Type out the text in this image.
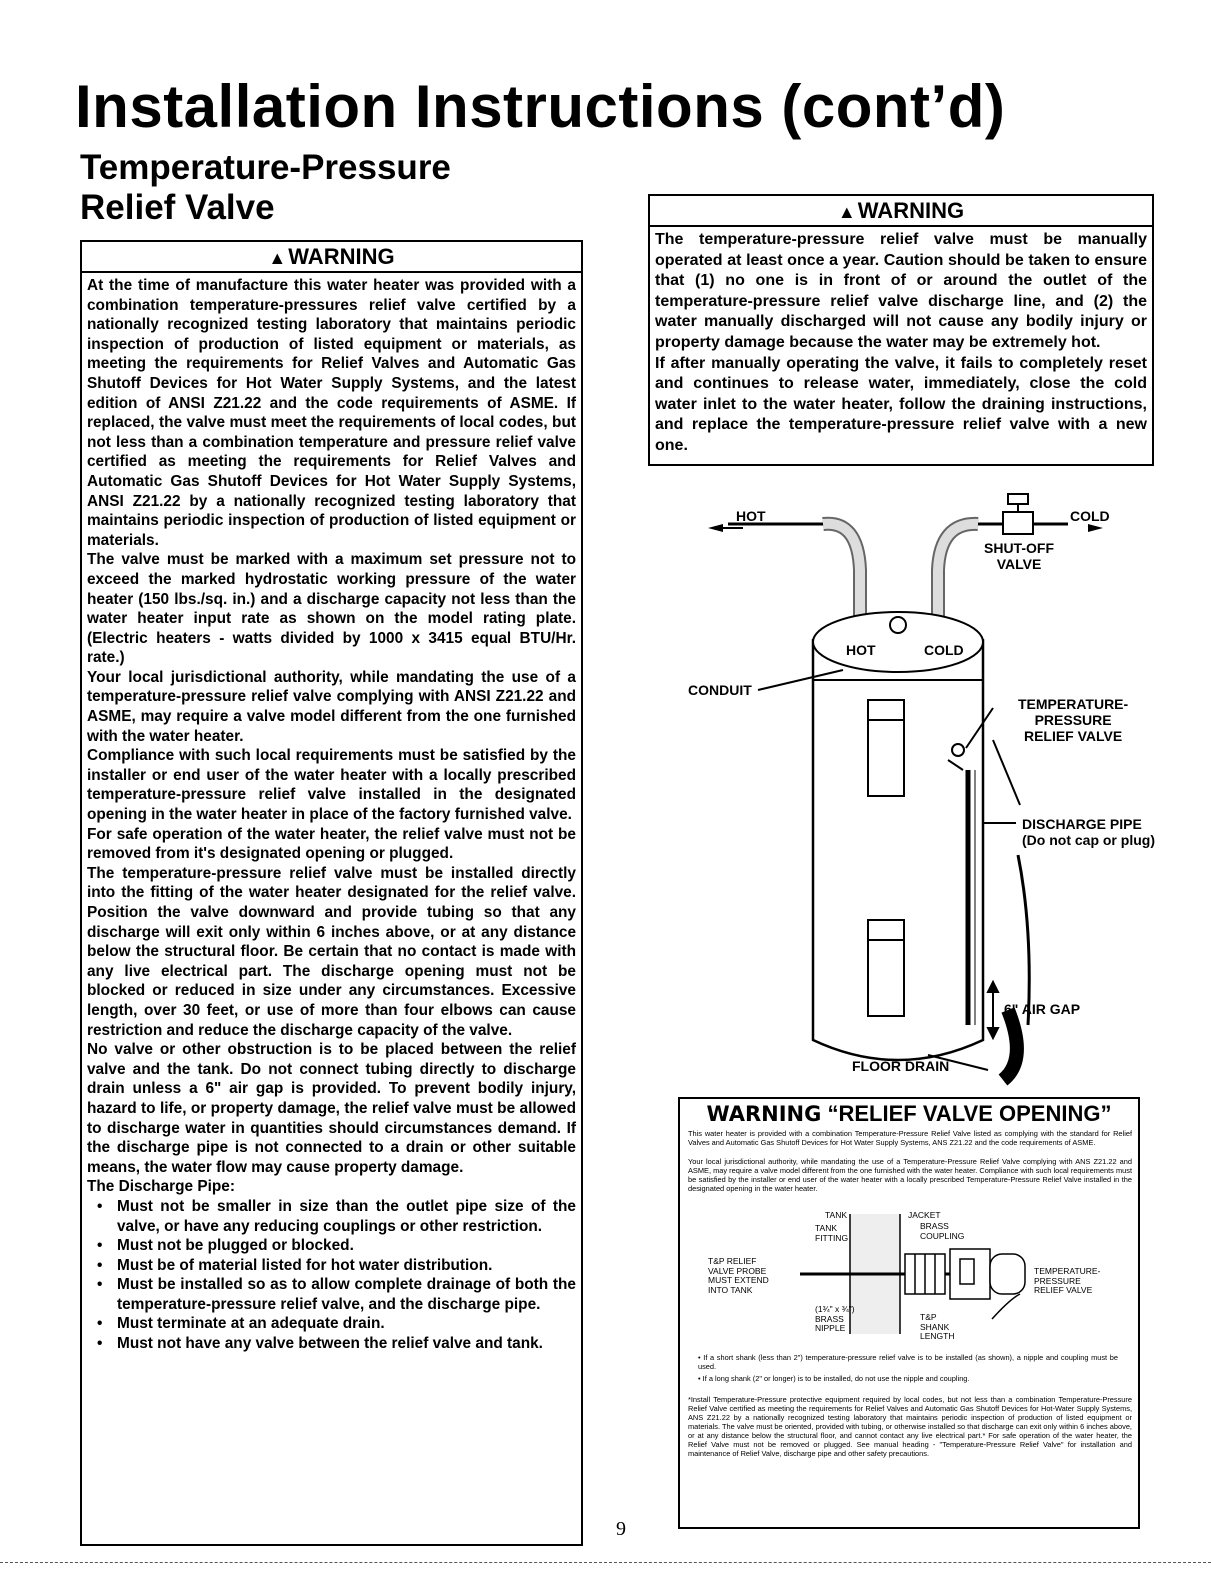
Installation Instructions (cont’d)
Temperature-Pressure
Relief Valve
▲WARNING

At the time of manufacture this water heater was provided with a combination temperature-pressures relief valve certified by a nationally recognized testing laboratory that maintains periodic inspection of production of listed equipment or materials, as meeting the requirements for Relief Valves and Automatic Gas Shutoff Devices for Hot Water Supply Systems, and the latest edition of ANSI Z21.22 and the code requirements of ASME. If replaced, the valve must meet the requirements of local codes, but not less than a combination temperature and pressure relief valve certified as meeting the requirements for Relief Valves and Automatic Gas Shutoff Devices for Hot Water Supply Systems, ANSI Z21.22 by a nationally recognized testing laboratory that maintains periodic inspection of production of listed equipment or materials.

The valve must be marked with a maximum set pressure not to exceed the marked hydrostatic working pressure of the water heater (150 lbs./sq. in.) and a discharge capacity not less than the water heater input rate as shown on the model rating plate. (Electric heaters - watts divided by 1000 x 3415 equal BTU/Hr. rate.)

Your local jurisdictional authority, while mandating the use of a temperature-pressure relief valve complying with ANSI Z21.22 and ASME, may require a valve model different from the one furnished with the water heater.

Compliance with such local requirements must be satisfied by the installer or end user of the water heater with a locally prescribed temperature-pressure relief valve installed in the designated opening in the water heater in place of the factory furnished valve.

For safe operation of the water heater, the relief valve must not be removed from it's designated opening or plugged.

The temperature-pressure relief valve must be installed directly into the fitting of the water heater designated for the relief valve. Position the valve downward and provide tubing so that any discharge will exit only within 6 inches above, or at any distance below the structural floor. Be certain that no contact is made with any live electrical part. The discharge opening must not be blocked or reduced in size under any circumstances. Excessive length, over 30 feet, or use of more than four elbows can cause restriction and reduce the discharge capacity of the valve.

No valve or other obstruction is to be placed between the relief valve and the tank. Do not connect tubing directly to discharge drain unless a 6" air gap is provided. To prevent bodily injury, hazard to life, or property damage, the relief valve must be allowed to discharge water in quantities should circumstances demand. If the discharge pipe is not connected to a drain or other suitable means, the water flow may cause property damage.

The Discharge Pipe:

• Must not be smaller in size than the outlet pipe size of the valve, or have any reducing couplings or other restriction.
• Must not be plugged or blocked.
• Must be of material listed for hot water distribution.
• Must be installed so as to allow complete drainage of both the temperature-pressure relief valve, and the discharge pipe.
• Must terminate at an adequate drain.
• Must not have any valve between the relief valve and tank.
▲WARNING

The temperature-pressure relief valve must be manually operated at least once a year. Caution should be taken to ensure that (1) no one is in front of or around the outlet of the temperature-pressure relief valve discharge line, and (2) the water manually discharged will not cause any bodily injury or property damage because the water may be extremely hot.

If after manually operating the valve, it fails to completely reset and continues to release water, immediately, close the cold water inlet to the water heater, follow the draining instructions, and replace the temperature-pressure relief valve with a new one.

HOT	COLD
SHUT-OFF
VALVE
HOT	COLD
CONDUIT
TEMPERATURE-
PRESSURE
RELIEF VALVE
DISCHARGE PIPE
(Do not cap or plug)
6" AIR GAP
FLOOR DRAIN
WARNING “RELIEF VALVE OPENING”
This water heater is provided with a combination Temperature-Pressure Relief Valve listed as complying with the standard for Relief Valves and Automatic Gas Shutoff Devices for Hot Water Supply Systems, ANS Z21.22 and the code requirements of ASME.
Your local jurisdictional authority, while mandating the use of a Temperature-Pressure Relief Valve complying with ANS Z21.22 and ASME, may require a valve model different from the one furnished with the water heater. Compliance with such local requirements must be satisfied by the installer or end user of the water heater with a locally prescribed Temperature-Pressure Relief Valve installed in the designated opening in the water heater.
TANK	JACKET
TANK
FITTING
BRASS
COUPLING
T&P RELIEF
VALVE PROBE
MUST EXTEND
INTO TANK
TEMPERATURE-
PRESSURE
RELIEF VALVE
(1¾" x ¾")
BRASS
NIPPLE
T&P
SHANK
LENGTH
• If a short shank (less than 2") temperature-pressure relief valve is to be installed (as shown), a nipple and coupling must be used.
• If a long shank (2" or longer) is to be installed, do not use the nipple and coupling.
*Install Temperature-Pressure protective equipment required by local codes, but not less than a combination Temperature-Pressure Relief Valve certified as meeting the requirements for Relief Valves and Automatic Gas Shutoff Devices for Hot-Water Supply Systems, ANS Z21.22 by a nationally recognized testing laboratory that maintains periodic inspection of production of listed equipment or materials. The valve must be oriented, provided with tubing, or otherwise installed so that discharge can exit only within 6 inches above, or at any distance below the structural floor, and cannot contact any live electrical part.* For safe operation of the water heater, the Relief Valve must not be removed or plugged. See manual heading - "Temperature-Pressure Relief Valve" for installation and maintenance of Relief Valve, discharge pipe and other safety precautions.
9
